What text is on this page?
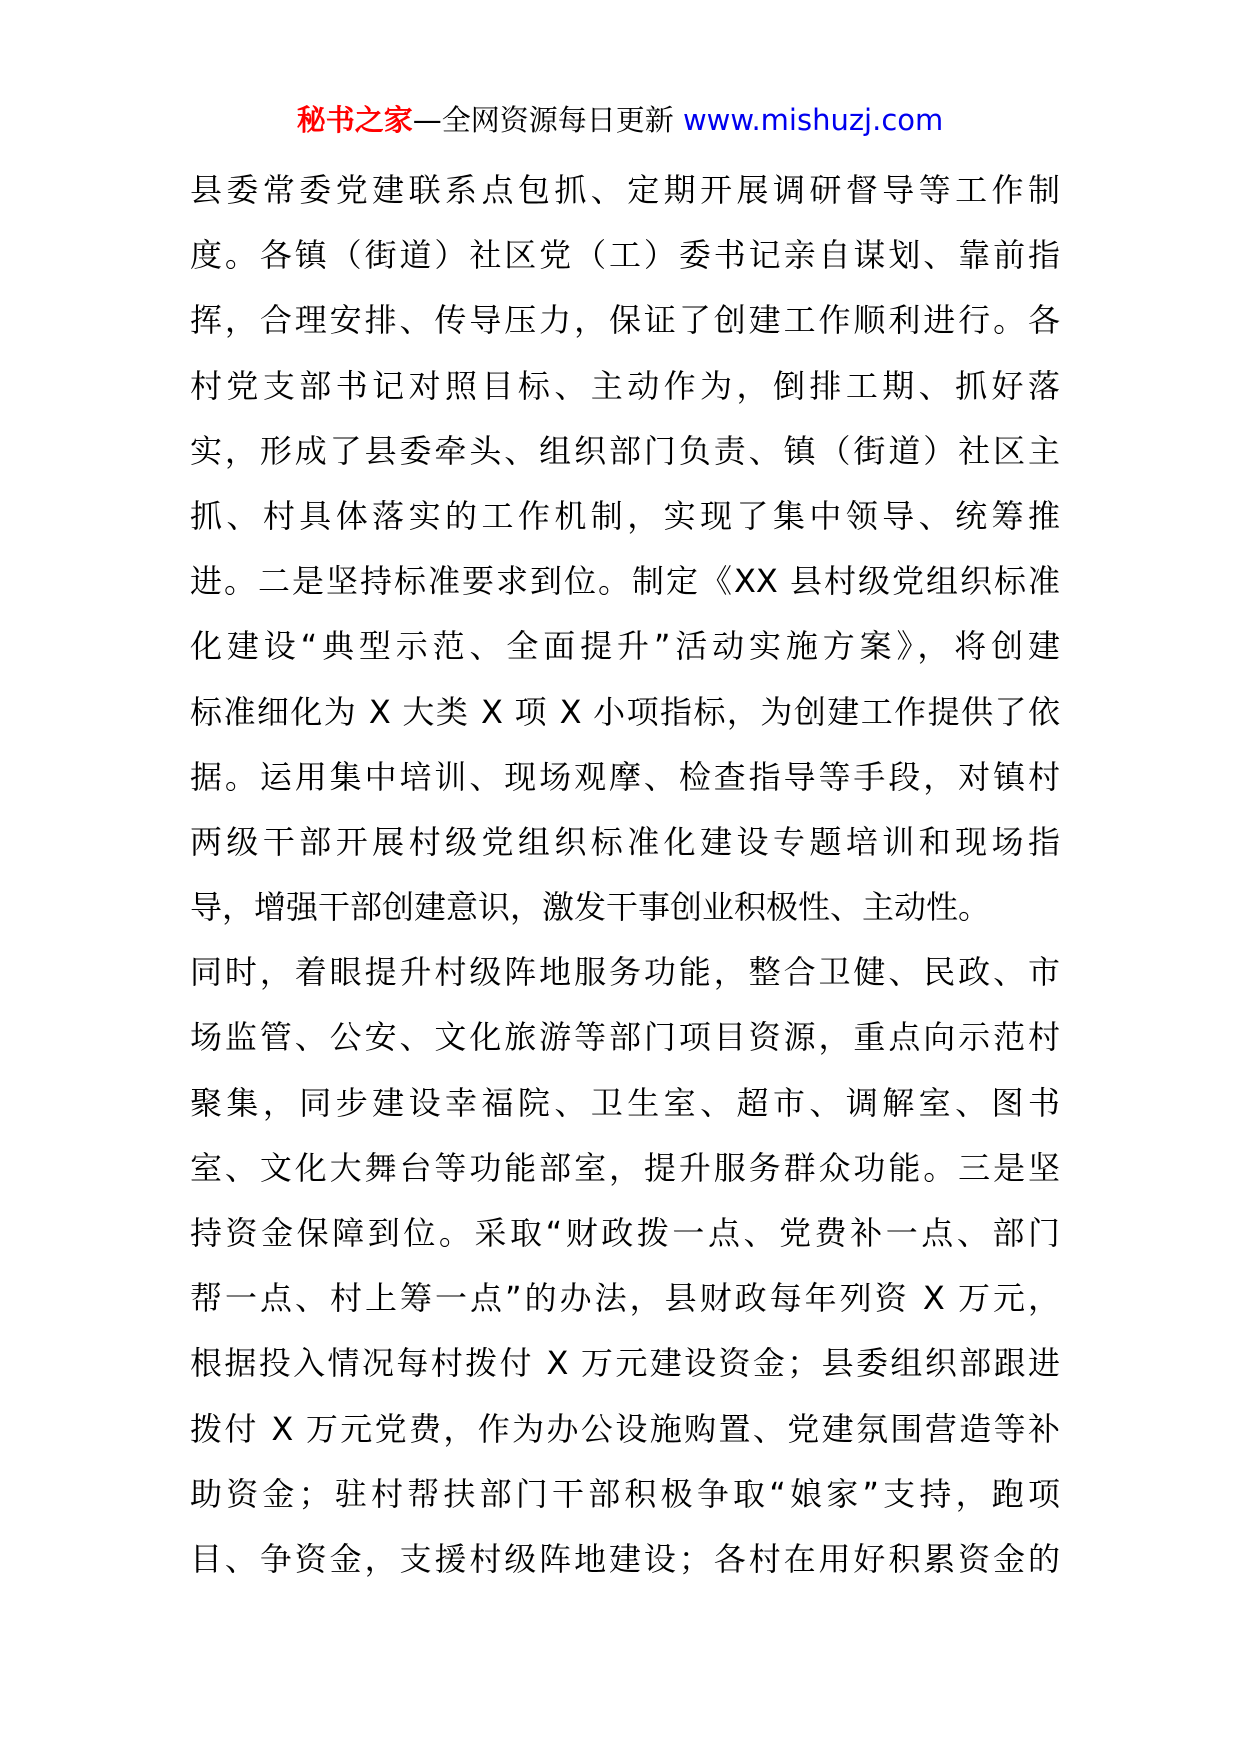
秘书之家—全网资源每日更新 www.mishuzj.com
县委常委党建联系点包抓、定期开展调研督导等工作制
度。各镇（街道）社区党（工）委书记亲自谋划、靠前指
挥，合理安排、传导压力，保证了创建工作顺利进行。各
村党支部书记对照目标、主动作为，倒排工期、抓好落
实，形成了县委牵头、组织部门负责、镇（街道）社区主
抓、村具体落实的工作机制，实现了集中领导、统筹推
进。二是坚持标准要求到位。制定《XX 县村级党组织标准
化建设“典型示范、全面提升”活动实施方案》，将创建
标准细化为 X 大类 X 项 X 小项指标，为创建工作提供了依
据。运用集中培训、现场观摩、检查指导等手段，对镇村
两级干部开展村级党组织标准化建设专题培训和现场指
导，增强干部创建意识，激发干事创业积极性、主动性。
同时，着眼提升村级阵地服务功能，整合卫健、民政、市
场监管、公安、文化旅游等部门项目资源，重点向示范村
聚集，同步建设幸福院、卫生室、超市、调解室、图书
室、文化大舞台等功能部室，提升服务群众功能。三是坚
持资金保障到位。采取“财政拨一点、党费补一点、部门
帮一点、村上筹一点”的办法，县财政每年列资 X 万元，
根据投入情况每村拨付 X 万元建设资金；县委组织部跟进
拨付 X 万元党费，作为办公设施购置、党建氛围营造等补
助资金；驻村帮扶部门干部积极争取“娘家”支持，跑项
目、争资金，支援村级阵地建设；各村在用好积累资金的
